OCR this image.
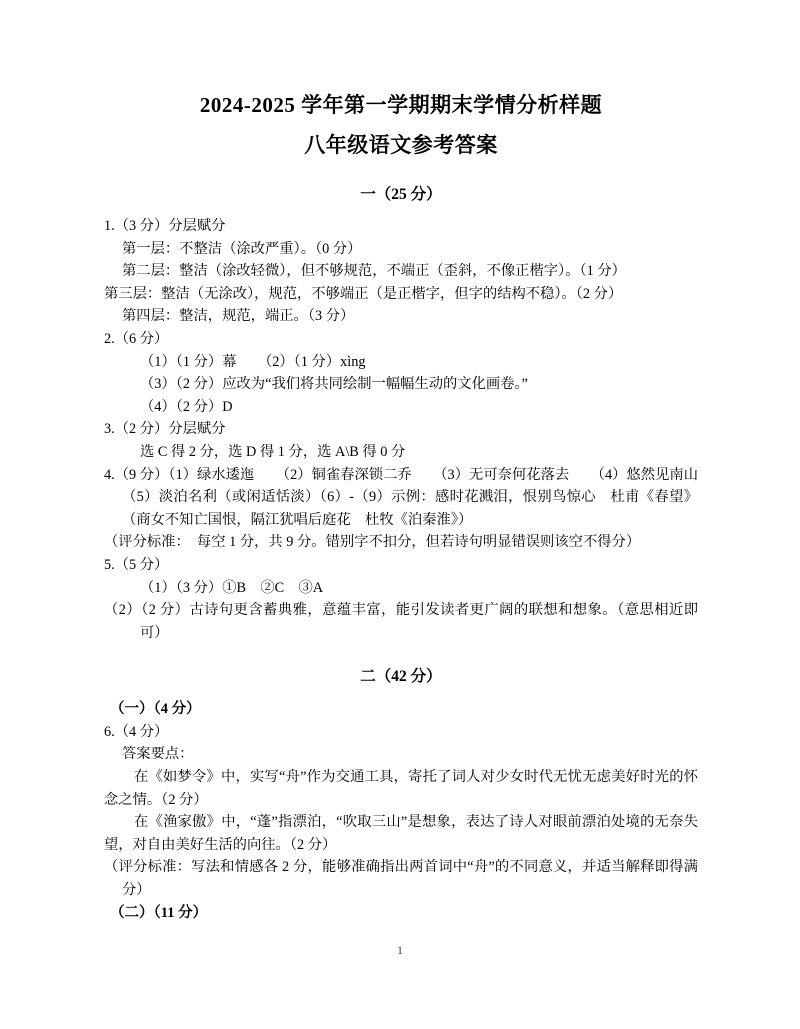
2024-2025 学年第一学期期末学情分析样题
八年级语文参考答案
一（25 分）
1.（3 分）分层赋分
第一层：不整洁（涂改严重）。（0 分）
第二层：整洁（涂改轻微），但不够规范，不端正（歪斜，不像正楷字）。（1 分）
第三层：整洁（无涂改），规范，不够端正（是正楷字，但字的结构不稳）。（2 分）
第四层：整洁，规范，端正。（3 分）
2.（6 分）
（1）（1 分）幕　　（2）（1 分）xìng
（3）（2 分）应改为“我们将共同绘制一幅幅生动的文化画卷。”
（4）（2 分）D
3.（2 分）分层赋分
选 C 得 2 分，选 D 得 1 分，选 A\B 得 0 分
4.（9 分）（1）绿水逶迤　　（2）铜雀春深锁二乔　　（3）无可奈何花落去　　（4）悠然见南山（5）淡泊名利（或闲适恬淡）（6）-（9）示例：感时花溅泪，恨别鸟惊心　杜甫《春望》（商女不知亡国恨，隔江犹唱后庭花　杜牧《泊秦淮》）
（评分标准：　每空 1 分，共 9 分。错别字不扣分，但若诗句明显错误则该空不得分）
5.（5 分）
（1）（3 分）①B　②C　③A
（2）（2 分）古诗句更含蓄典雅，意蕴丰富，能引发读者更广阔的联想和想象。（意思相近即可）
二（42 分）
（一）（4 分）
6.（4 分）
答案要点：
在《如梦令》中，实写“舟”作为交通工具，寄托了词人对少女时代无忧无虑美好时光的怀念之情。（2 分）
在《渔家傲》中，“蓬”指漂泊，“吹取三山”是想象，表达了诗人对眼前漂泊处境的无奈失望，对自由美好生活的向往。（2 分）
（评分标准：写法和情感各 2 分，能够准确指出两首词中“舟”的不同意义，并适当解释即得满分）
（二）（11 分）
1
